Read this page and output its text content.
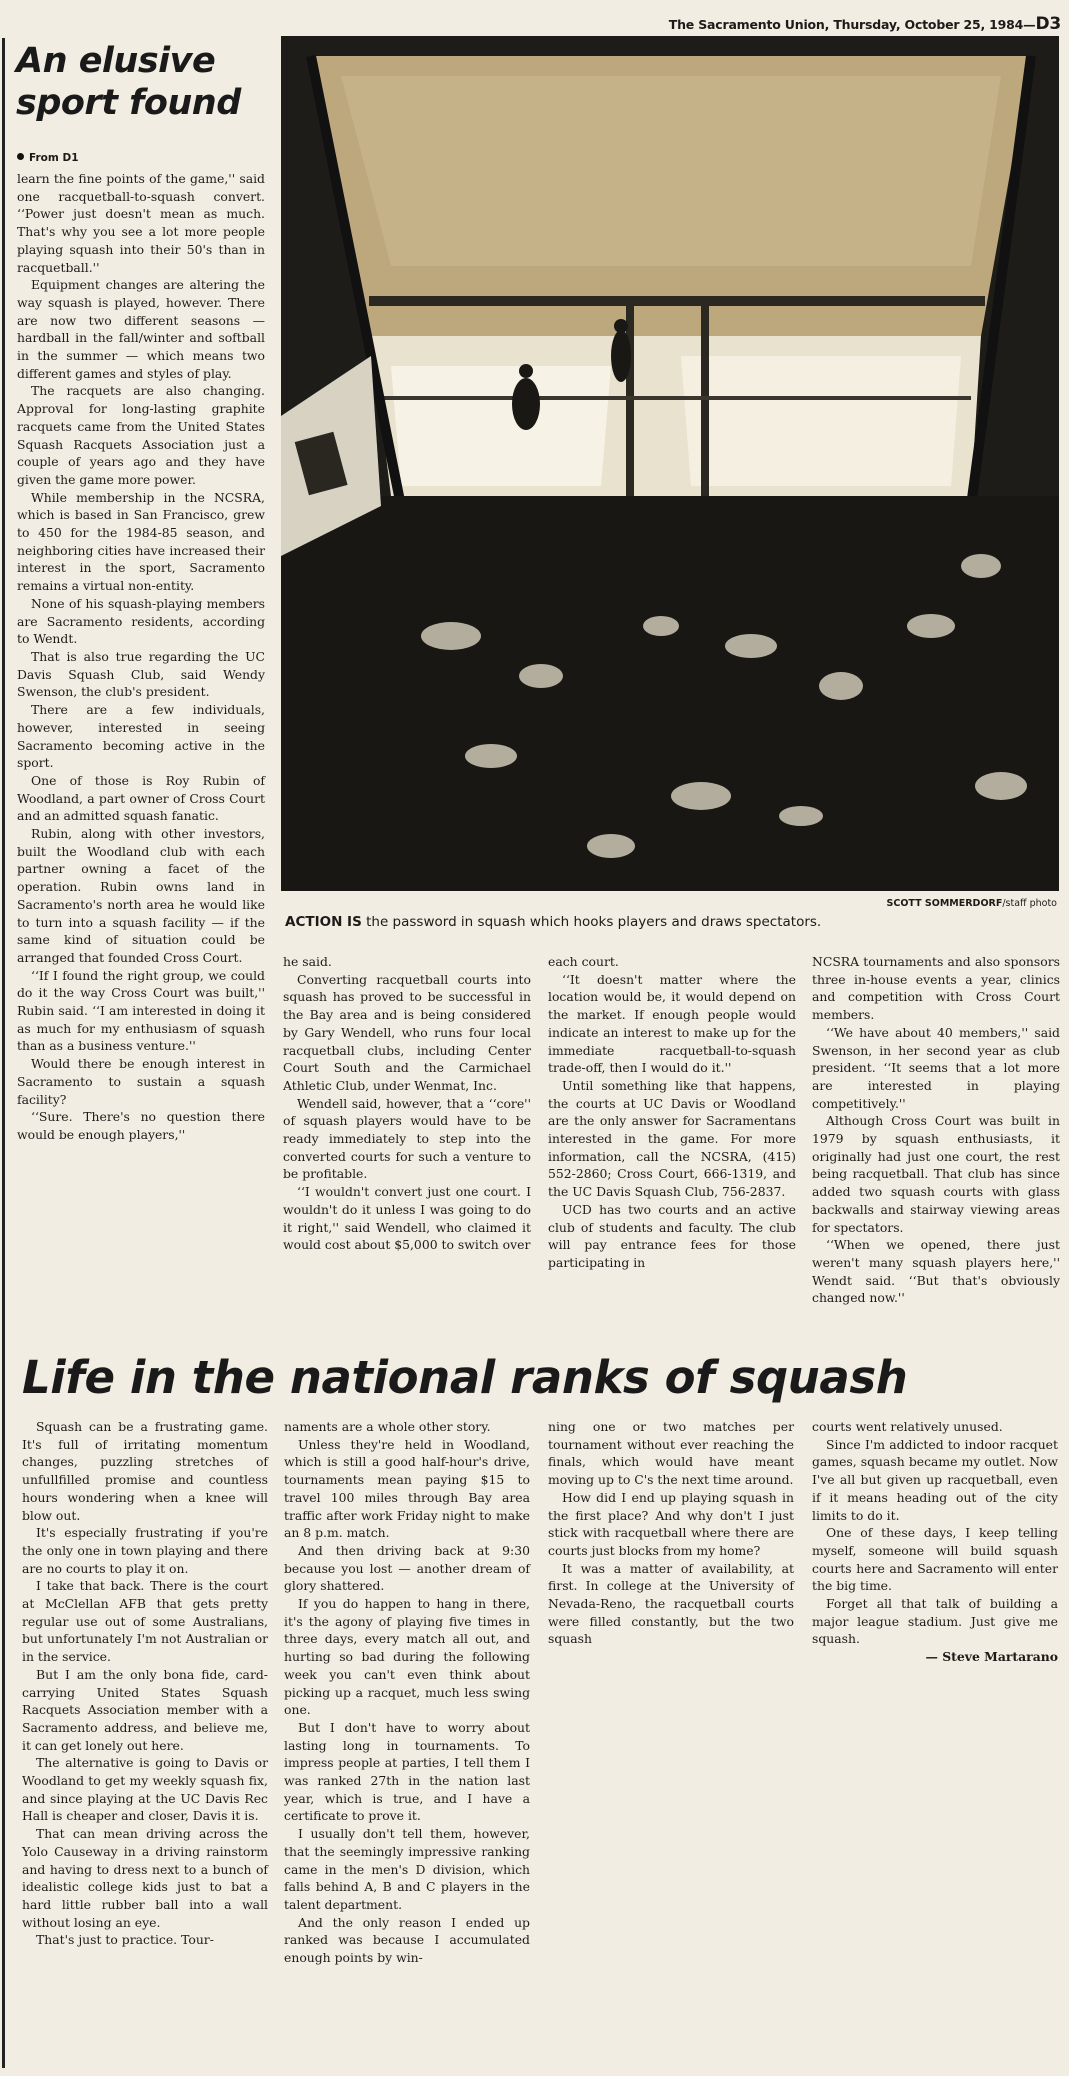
The Sacramento Union, Thursday, October 25, 1984—D3
An elusive
sport found
From D1

learn the fine points of the game,'' said one racquetball-to-squash convert. ‘‘Power just doesn't mean as much. That's why you see a lot more people playing squash into their 50's than in racquetball.''

Equipment changes are altering the way squash is played, however. There are now two different seasons — hardball in the fall/winter and softball in the summer — which means two different games and styles of play.

The racquets are also changing. Approval for long-lasting graphite racquets came from the United States Squash Racquets Association just a couple of years ago and they have given the game more power.

While membership in the NCSRA, which is based in San Francisco, grew to 450 for the 1984-85 season, and neighboring cities have increased their interest in the sport, Sacramento remains a virtual non-entity.

None of his squash-playing members are Sacramento residents, according to Wendt.

That is also true regarding the UC Davis Squash Club, said Wendy Swenson, the club's president.

There are a few individuals, however, interested in seeing Sacramento becoming active in the sport.

One of those is Roy Rubin of Woodland, a part owner of Cross Court and an admitted squash fanatic.

Rubin, along with other investors, built the Woodland club with each partner owning a facet of the operation. Rubin owns land in Sacramento's north area he would like to turn into a squash facility — if the same kind of situation could be arranged that founded Cross Court.

‘‘If I found the right group, we could do it the way Cross Court was built,'' Rubin said. ‘‘I am interested in doing it as much for my enthusiasm of squash than as a business venture.''

Would there be enough interest in Sacramento to sustain a squash facility?

‘‘Sure. There's no question there would be enough players,''

SCOTT SOMMERDORF/staff photo
ACTION IS the password in squash which hooks players and draws spectators.

he said.

Converting racquetball courts into squash has proved to be successful in the Bay area and is being considered by Gary Wendell, who runs four local racquetball clubs, including Center Court South and the Carmichael Athletic Club, under Wenmat, Inc.

Wendell said, however, that a ‘‘core'' of squash players would have to be ready immediately to step into the converted courts for such a venture to be profitable.

‘‘I wouldn't convert just one court. I wouldn't do it unless I was going to do it right,'' said Wendell, who claimed it would cost about $5,000 to switch over

each court.

‘‘It doesn't matter where the location would be, it would depend on the market. If enough people would indicate an interest to make up for the immediate racquetball-to-squash trade-off, then I would do it.''

Until something like that happens, the courts at UC Davis or Woodland are the only answer for Sacramentans interested in the game. For more information, call the NCSRA, (415) 552-2860; Cross Court, 666-1319, and the UC Davis Squash Club, 756-2837.

UCD has two courts and an active club of students and faculty. The club will pay entrance fees for those participating in

NCSRA tournaments and also sponsors three in-house events a year, clinics and competition with Cross Court members.

‘‘We have about 40 members,'' said Swenson, in her second year as club president. ‘‘It seems that a lot more are interested in playing competitively.''

Although Cross Court was built in 1979 by squash enthusiasts, it originally had just one court, the rest being racquetball. That club has since added two squash courts with glass backwalls and stairway viewing areas for spectators.

‘‘When we opened, there just weren't many squash players here,'' Wendt said. ‘‘But that's obviously changed now.''

Life in the national ranks of squash

Squash can be a frustrating game. It's full of irritating momentum changes, puzzling stretches of unfullfilled promise and countless hours wondering when a knee will blow out.

It's especially frustrating if you're the only one in town playing and there are no courts to play it on.

I take that back. There is the court at McClellan AFB that gets pretty regular use out of some Australians, but unfortunately I'm not Australian or in the service.

But I am the only bona fide, card-carrying United States Squash Racquets Association member with a Sacramento address, and believe me, it can get lonely out here.

The alternative is going to Davis or Woodland to get my weekly squash fix, and since playing at the UC Davis Rec Hall is cheaper and closer, Davis it is.

That can mean driving across the Yolo Causeway in a driving rainstorm and having to dress next to a bunch of idealistic college kids just to bat a hard little rubber ball into a wall without losing an eye.

That's just to practice. Tour-

naments are a whole other story.

Unless they're held in Woodland, which is still a good half-hour's drive, tournaments mean paying $15 to travel 100 miles through Bay area traffic after work Friday night to make an 8 p.m. match.

And then driving back at 9:30 because you lost — another dream of glory shattered.

If you do happen to hang in there, it's the agony of playing five times in three days, every match all out, and hurting so bad during the following week you can't even think about picking up a racquet, much less swing one.

But I don't have to worry about lasting long in tournaments. To impress people at parties, I tell them I was ranked 27th in the nation last year, which is true, and I have a certificate to prove it.

I usually don't tell them, however, that the seemingly impressive ranking came in the men's D division, which falls behind A, B and C players in the talent department.

And the only reason I ended up ranked was because I accumulated enough points by win-

ning one or two matches per tournament without ever reaching the finals, which would have meant moving up to C's the next time around.

How did I end up playing squash in the first place? And why don't I just stick with racquetball where there are courts just blocks from my home?

It was a matter of availability, at first. In college at the University of Nevada-Reno, the racquetball courts were filled constantly, but the two squash

courts went relatively unused.

Since I'm addicted to indoor racquet games, squash became my outlet. Now I've all but given up racquetball, even if it means heading out of the city limits to do it.

One of these days, I keep telling myself, someone will build squash courts here and Sacramento will enter the big time.

Forget all that talk of building a major league stadium. Just give me squash.

— Steve Martarano
